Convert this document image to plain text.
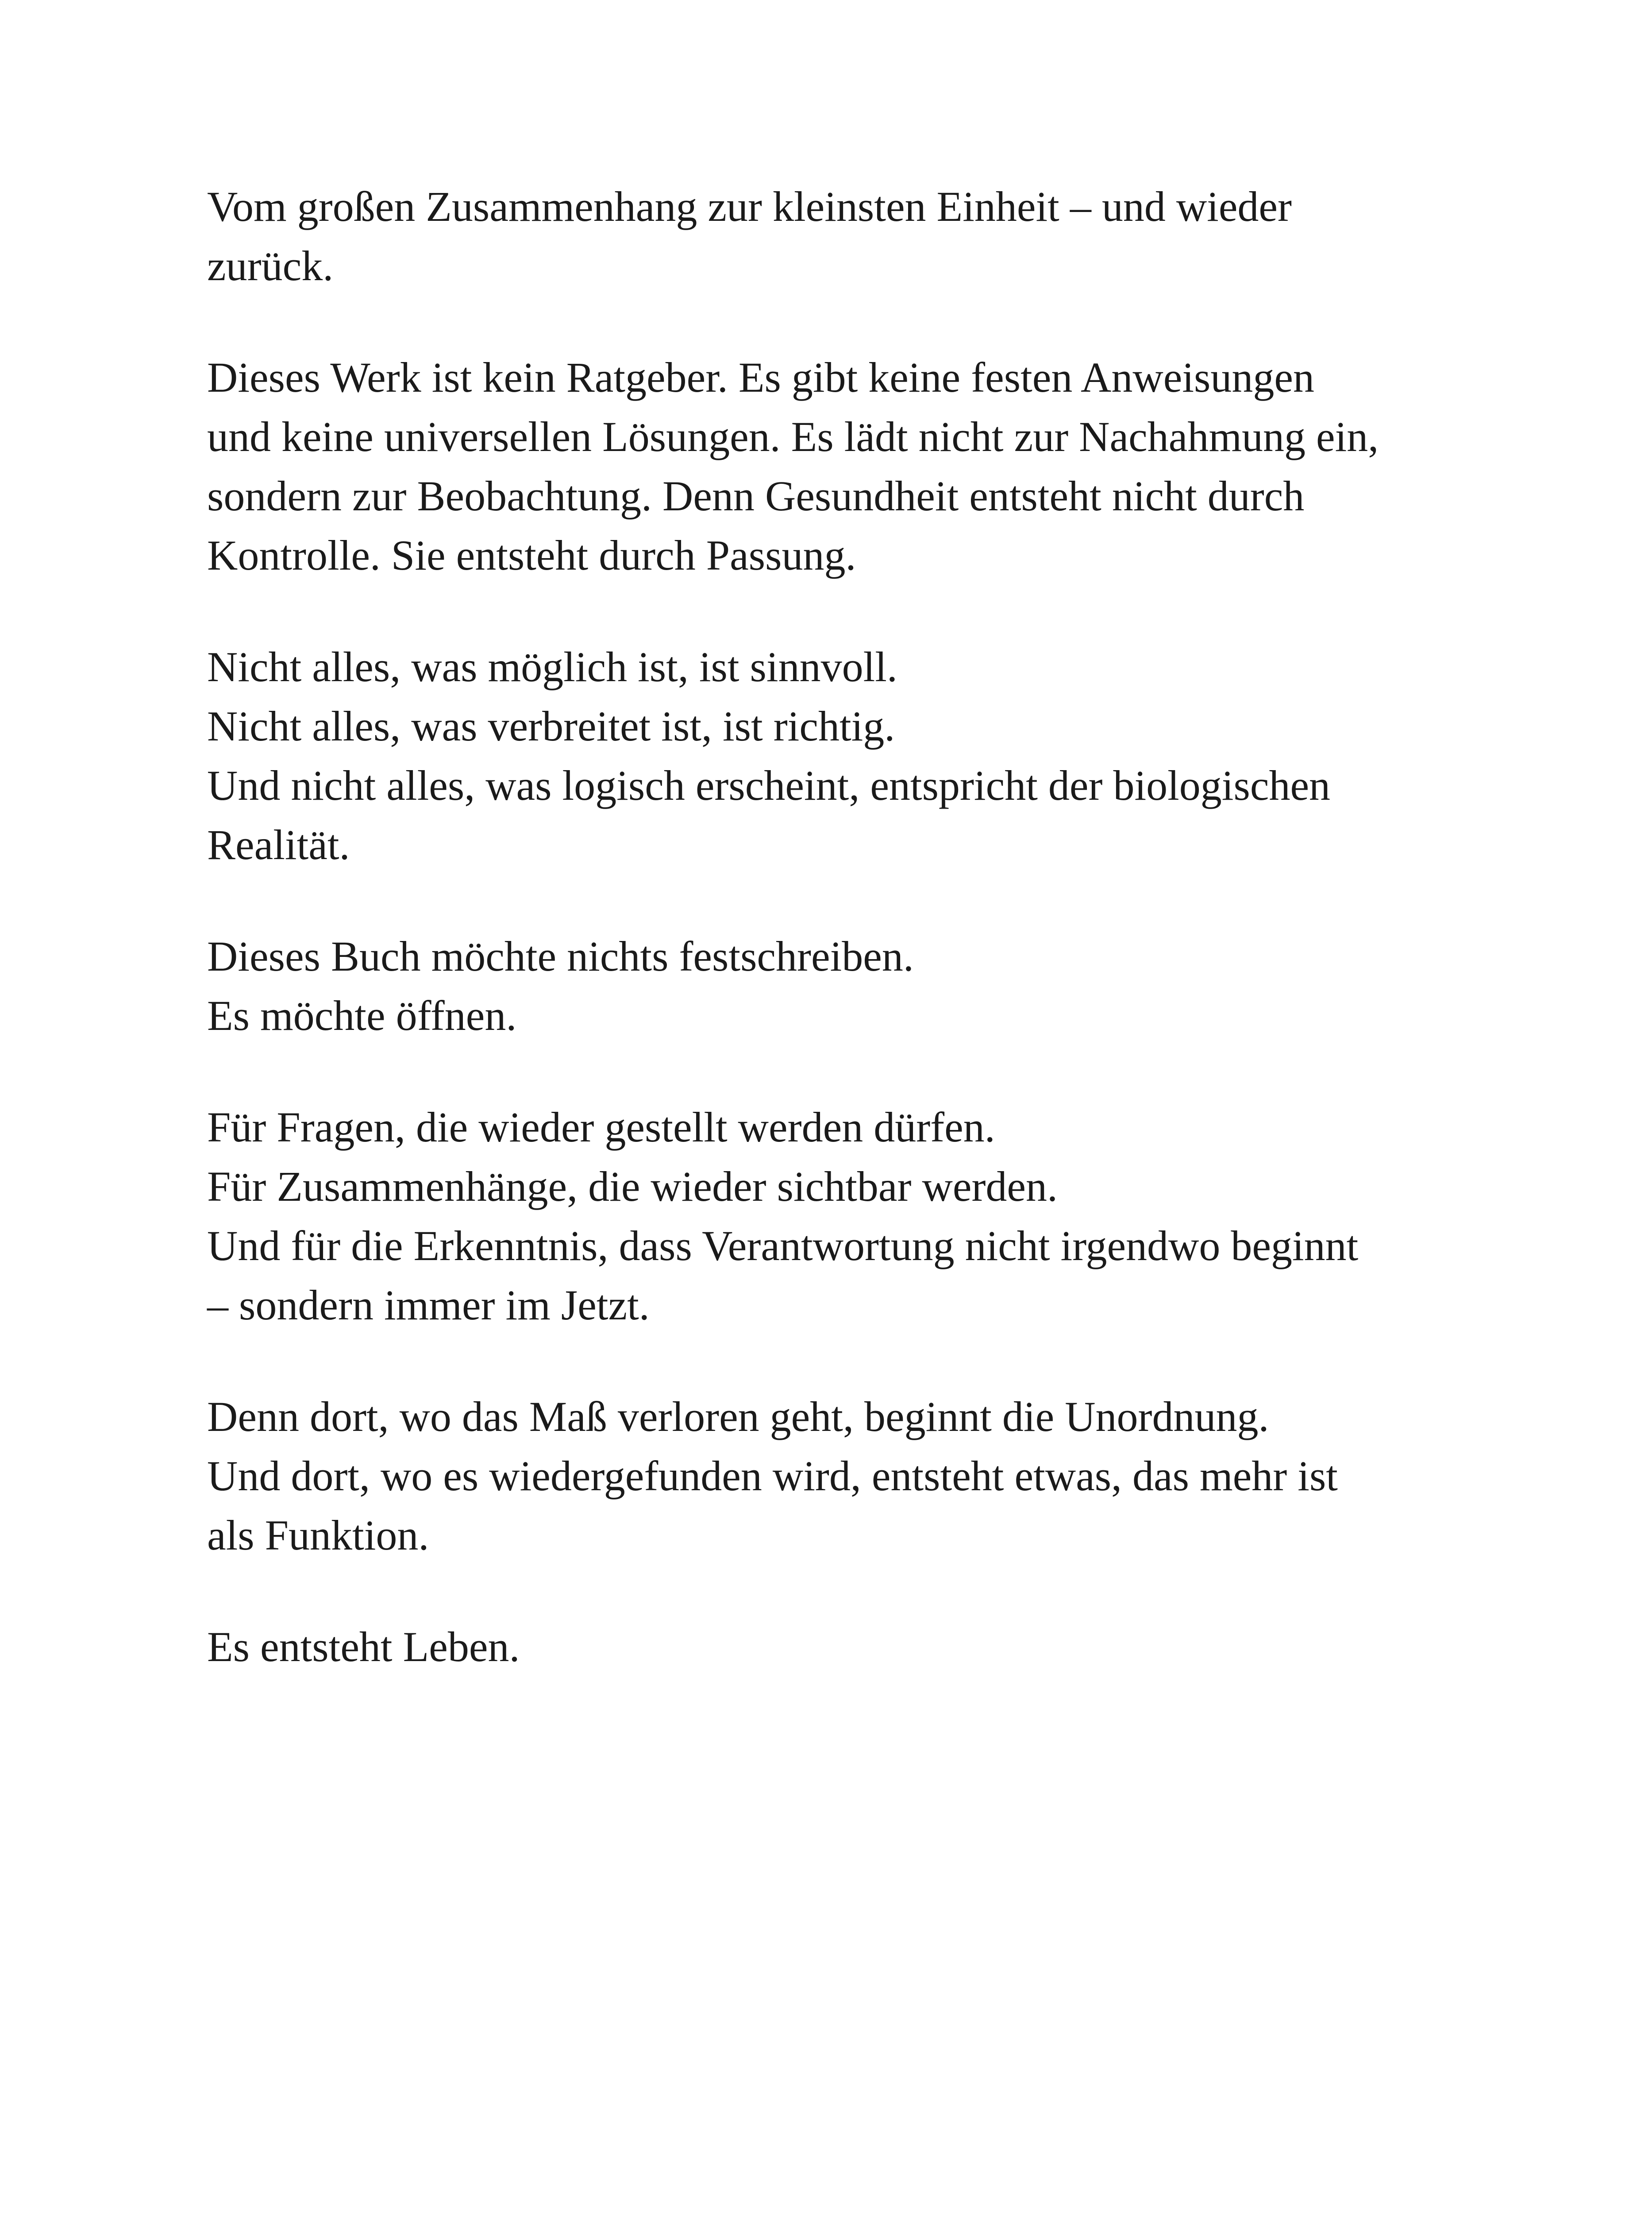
Vom großen Zusammenhang zur kleinsten Einheit – und wieder
zurück.

Dieses Werk ist kein Ratgeber. Es gibt keine festen Anweisungen
und keine universellen Lösungen. Es lädt nicht zur Nachahmung ein,
sondern zur Beobachtung. Denn Gesundheit entsteht nicht durch
Kontrolle. Sie entsteht durch Passung.

Nicht alles, was möglich ist, ist sinnvoll.
Nicht alles, was verbreitet ist, ist richtig.
Und nicht alles, was logisch erscheint, entspricht der biologischen
Realität.

Dieses Buch möchte nichts festschreiben.
Es möchte öffnen.

Für Fragen, die wieder gestellt werden dürfen.
Für Zusammenhänge, die wieder sichtbar werden.
Und für die Erkenntnis, dass Verantwortung nicht irgendwo beginnt
– sondern immer im Jetzt.

Denn dort, wo das Maß verloren geht, beginnt die Unordnung.
Und dort, wo es wiedergefunden wird, entsteht etwas, das mehr ist
als Funktion.

Es entsteht Leben.
